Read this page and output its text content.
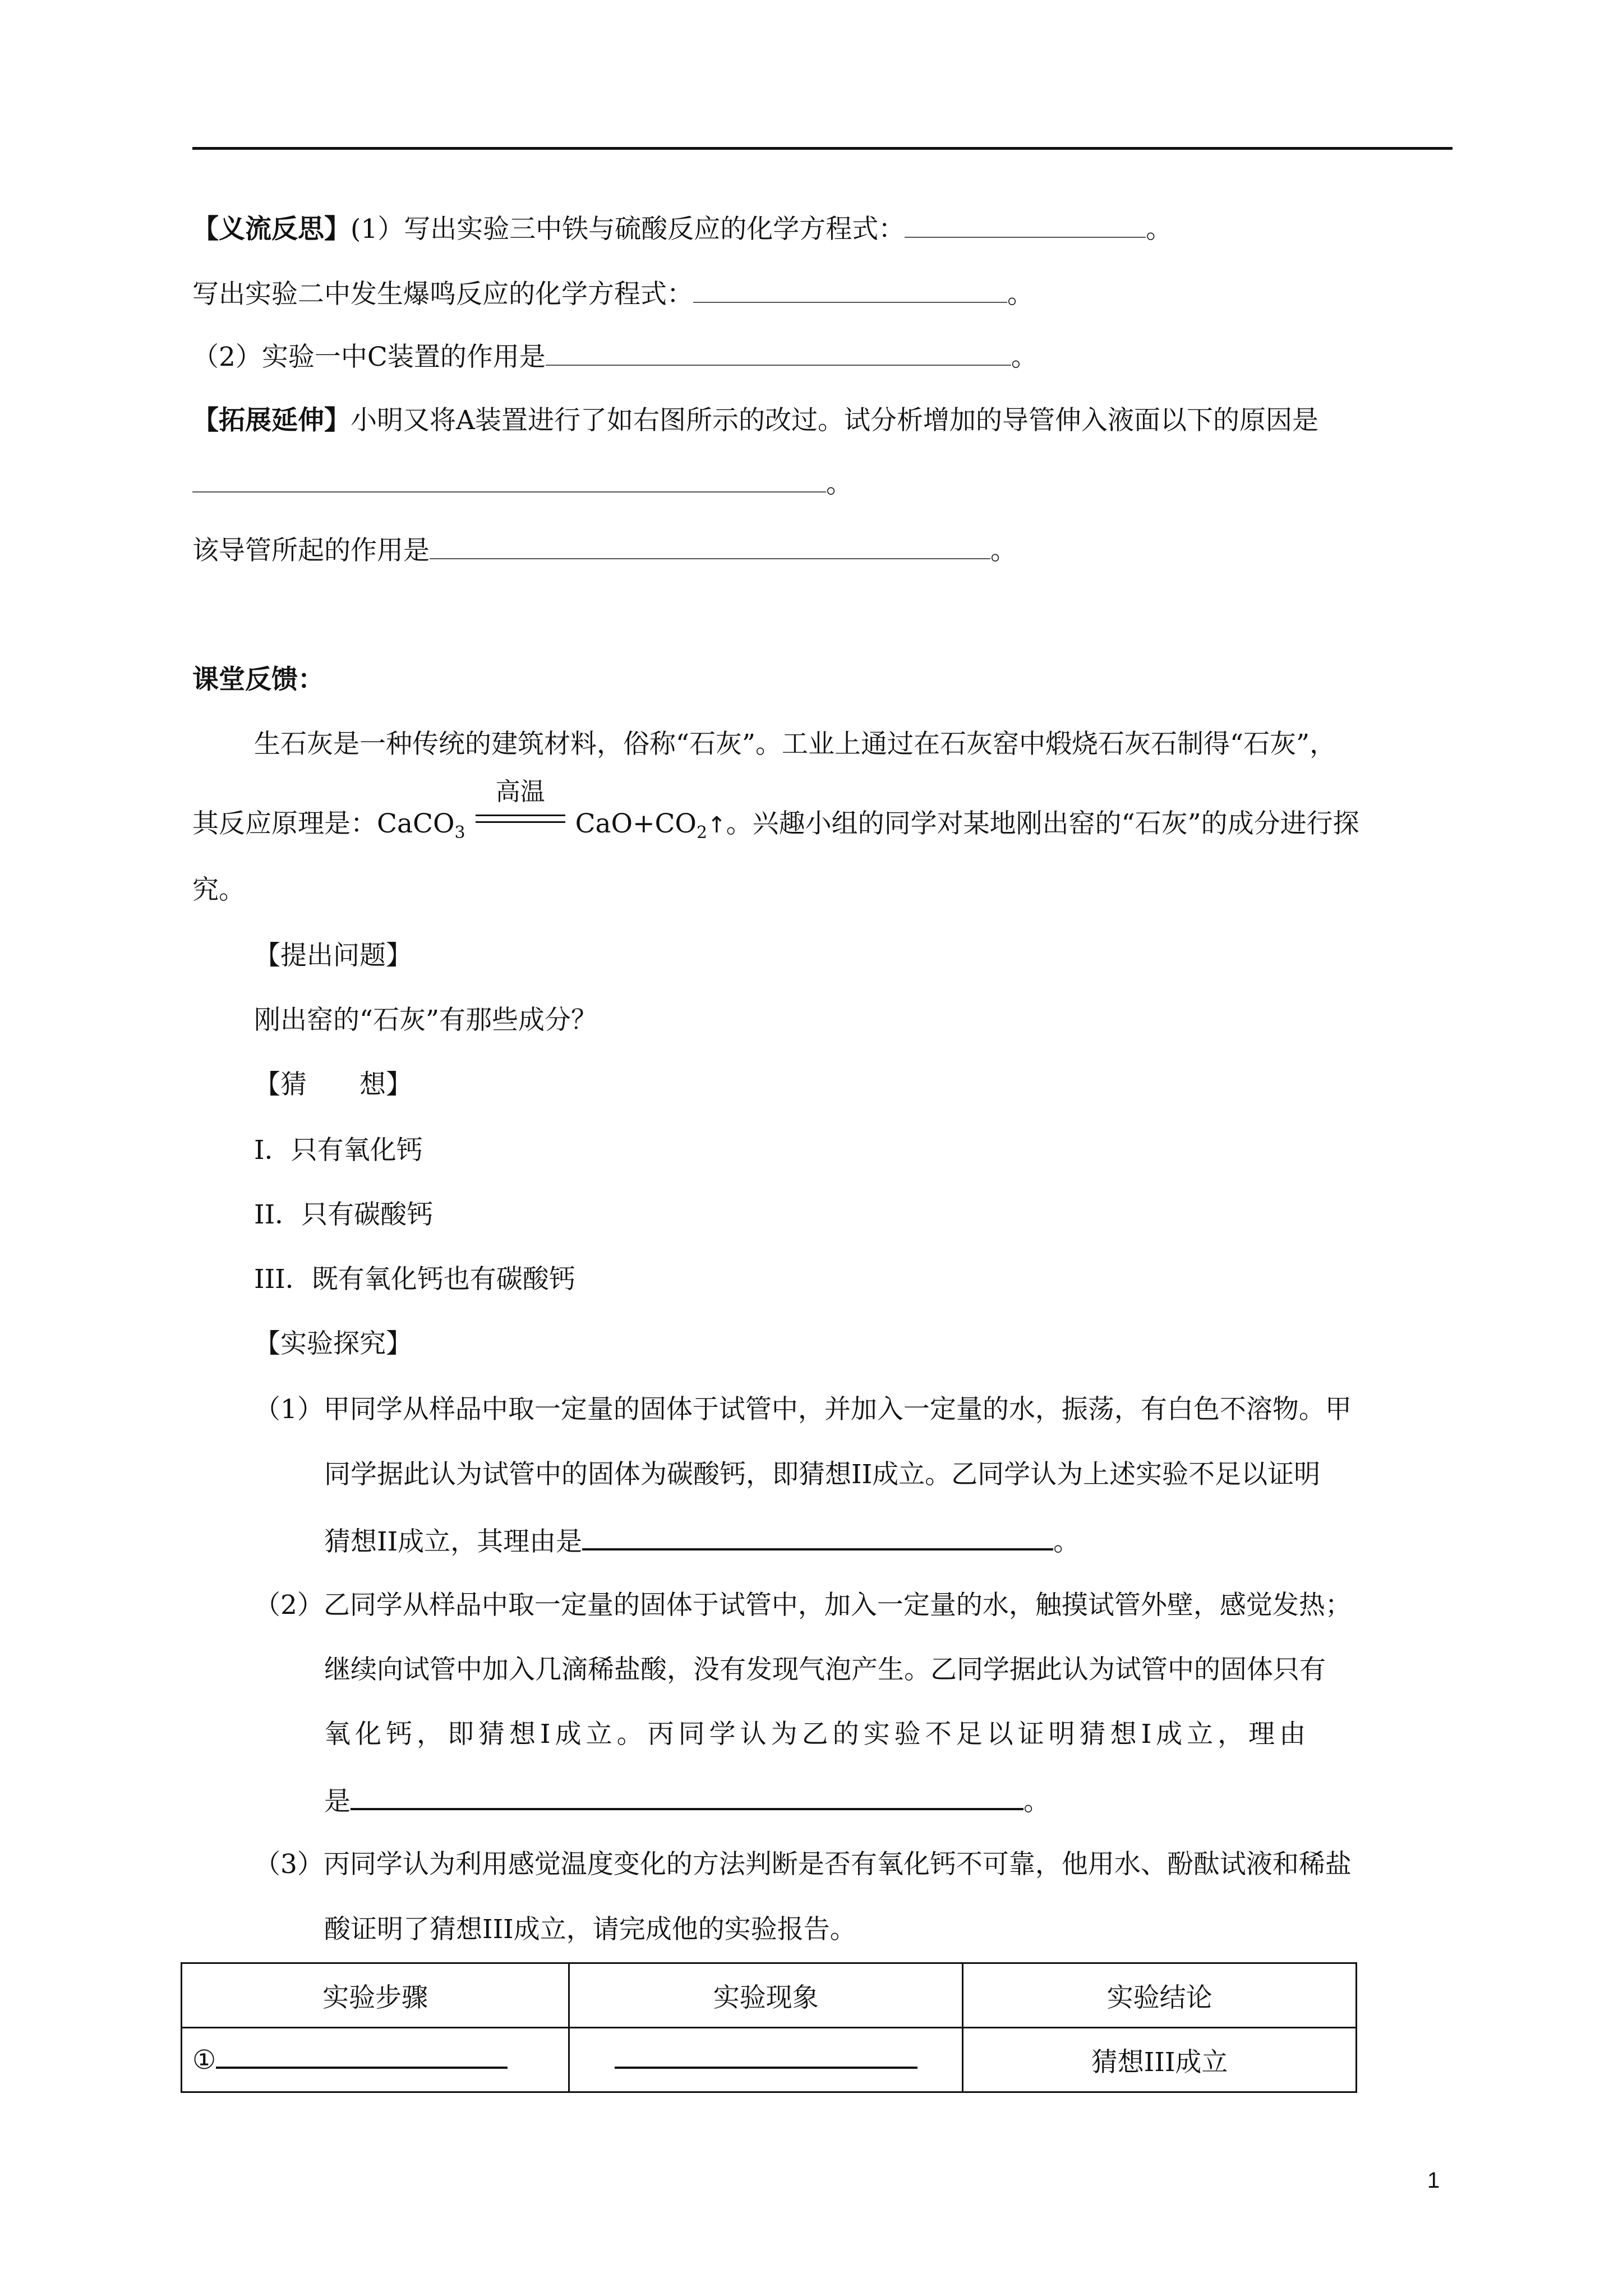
【义流反思】(1）写出实验三中铁与硫酸反应的化学方程式：	。
写出实验二中发生爆鸣反应的化学方程式：	。
（2）实验一中C装置的作用是	。
【拓展延伸】小明又将A装置进行了如右图所示的改过。试分析增加的导管伸入液面以下的原因是
。
该导管所起的作用是	。
课堂反馈：
生石灰是一种传统的建筑材料，俗称“石灰”。工业上通过在石灰窑中煅烧石灰石制得“石灰”，
其反应原理是：CaCO$_3$
高温
$CaO+CO_2↑$。兴趣小组的同学对某地刚出窑的“石灰”的成分进行探
究。
【提出问题】
刚出窑的“石灰”有那些成分？
【猜　　想】
I．只有氧化钙
II．只有碳酸钙
III．既有氧化钙也有碳酸钙
【实验探究】
（1）甲同学从样品中取一定量的固体于试管中，并加入一定量的水，振荡，有白色不溶物。甲
同学据此认为试管中的固体为碳酸钙，即猜想II成立。乙同学认为上述实验不足以证明
猜想II成立，其理由是	。
（2）乙同学从样品中取一定量的固体于试管中，加入一定量的水，触摸试管外壁，感觉发热；
继续向试管中加入几滴稀盐酸，没有发现气泡产生。乙同学据此认为试管中的固体只有
氧化钙，即猜想I成立。丙同学认为乙的实验不足以证明猜想I成立，理由
是	。
（3）丙同学认为利用感觉温度变化的方法判断是否有氧化钙不可靠，他用水、酚酞试液和稀盐
酸证明了猜想III成立，请完成他的实验报告。
实验步骤	实验现象	实验结论
①		猜想III成立
1
